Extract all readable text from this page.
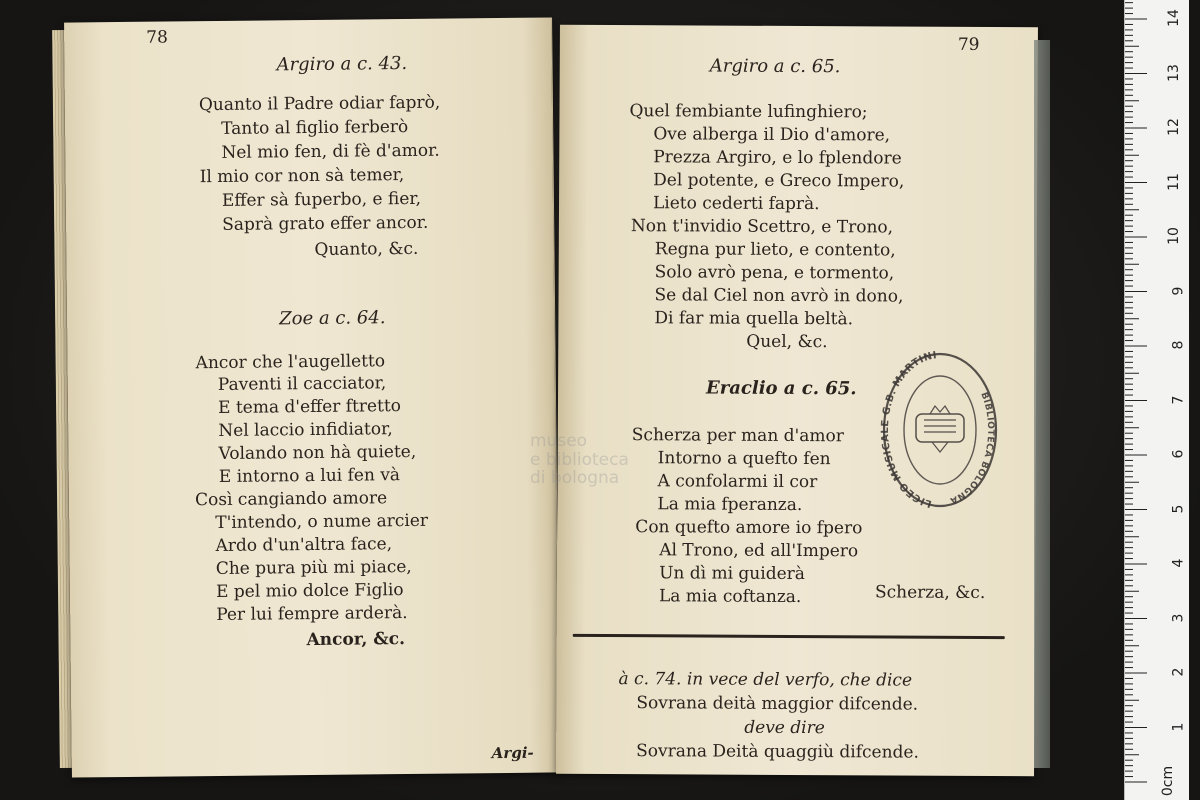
78
Argiro a c. 43.
Quanto il Padre odiar faprò,
Tanto al figlio ferberò
Nel mio fen, di fè d'amor.
Il mio cor non sà temer,
Effer sà fuperbo, e fier,
Saprà grato effer ancor.
Quanto, &c.
Zoe a c. 64.
Ancor che l'augelletto
Paventi il cacciator,
E tema d'effer ftretto
Nel laccio infidiator,
Volando non hà quiete,
E intorno a lui fen và
Così cangiando amore
T'intendo, o nume arcier
Ardo d'un'altra face,
Che pura più mi piace,
E pel mio dolce Figlio
Per lui fempre arderà.
Ancor, &c.
Argi-
79
Argiro a c. 65.
Quel fembiante lufinghiero;
Ove alberga il Dio d'amore,
Prezza Argiro, e lo fplendore
Del potente, e Greco Impero,
Lieto cederti faprà.
Non t'invidio Scettro, e Trono,
Regna pur lieto, e contento,
Solo avrò pena, e tormento,
Se dal Ciel non avrò in dono,
Di far mia quella beltà.
Quel, &c.
Eraclio a c. 65.
Scherza per man d'amor
Intorno a quefto fen
A confolarmi il cor
La mia fperanza.
Con quefto amore io fpero
Al Trono, ed all'Impero
Un dì mi guiderà
La mia coftanza.	Scherza, &c.
à c. 74. in vece del verfo, che dice
Sovrana deità maggior difcende.
deve dire
Sovrana Deità quaggiù difcende.
LICEO MUSICALE G.B. MARTINI
BIBLIOTECA BOLOGNA
museo
e biblioteca
di bologna
0cm
1
2
3
4
5
6
7
8
9
10
11
12
13
14
